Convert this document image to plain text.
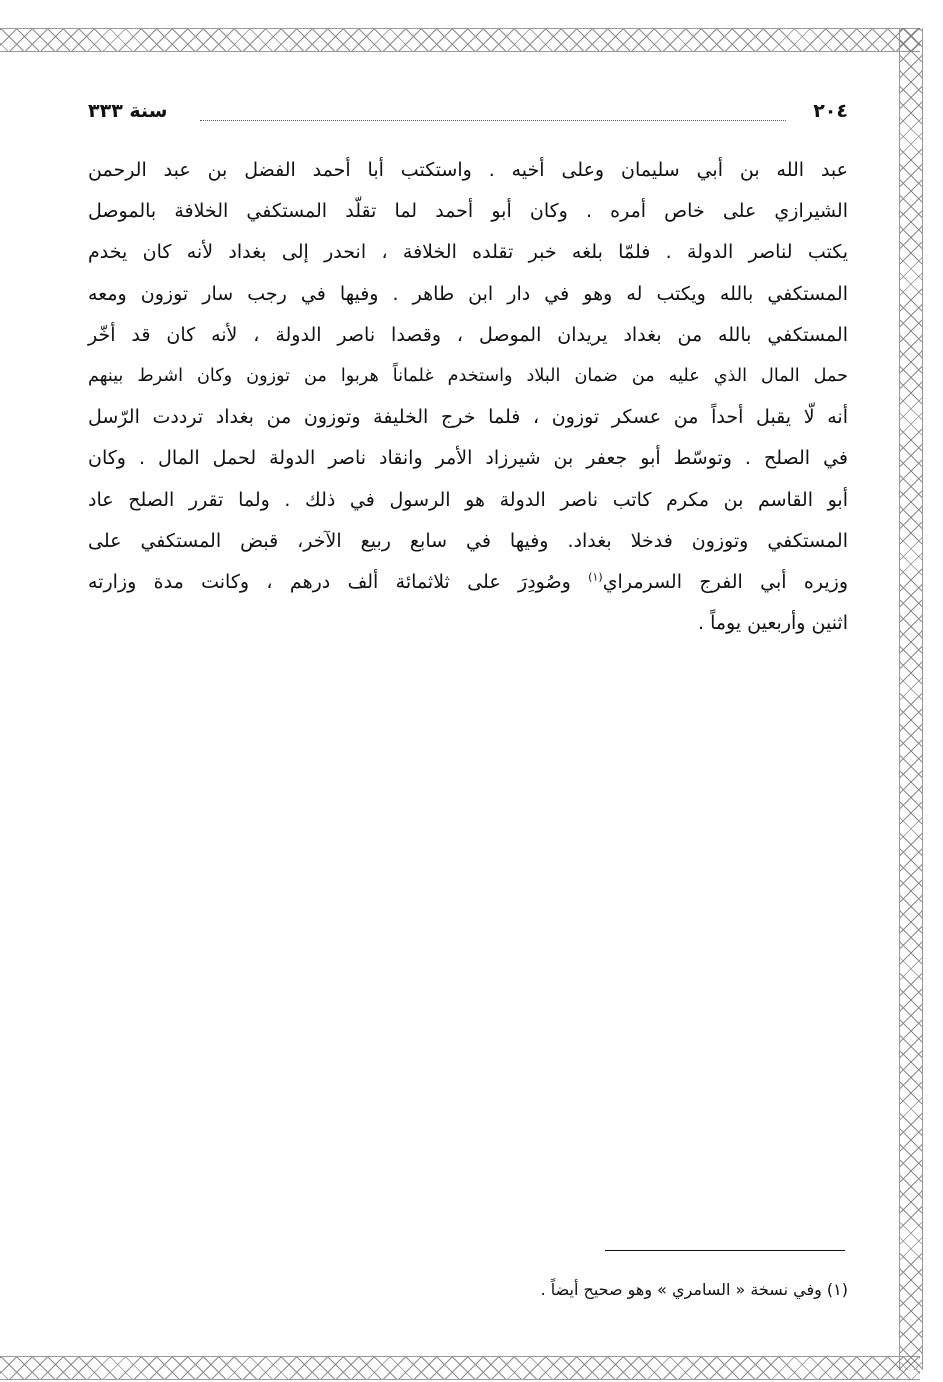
٢٠٤
سنة ٣٣٣
عبد الله بن أبي سليمان وعلى أخيه . واستكتب أبا أحمد الفضل بن عبد الرحمن
الشيرازي على خاص أمره . وكان أبو أحمد لما تقلّد المستكفي الخلافة بالموصل
يكتب لناصر الدولة . فلمّا بلغه خبر تقلده الخلافة ، انحدر إلى بغداد لأنه كان يخدم
المستكفي بالله ويكتب له وهو في دار ابن طاهر . وفيها في رجب سار توزون ومعه
المستكفي بالله من بغداد يريدان الموصل ، وقصدا ناصر الدولة ، لأنه كان قد أخّر
حمل المال الذي عليه من ضمان البلاد واستخدم غلماناً هربوا من توزون وكان اشرط بينهم
أنه لّا يقبل أحداً من عسكر توزون ، فلما خرج الخليفة وتوزون من بغداد ترددت الرّسل
في الصلح . وتوسّط أبو جعفر بن شيرزاد الأمر وانقاد ناصر الدولة لحمل المال . وكان
أبو القاسم بن مكرم كاتب ناصر الدولة هو الرسول في ذلك . ولما تقرر الصلح عاد
المستكفي وتوزون فدخلا بغداد. وفيها في سابع ربيع الآخر، قبض المستكفي على
وزيره أبي الفرج السرمراي$^{(١)}$ وصُودِرَ على ثلاثمائة ألف درهم ، وكانت مدة وزارته
اثنين وأربعين يوماً .
(١) وفي نسخة « السامري » وهو صحيح أيضاً .
